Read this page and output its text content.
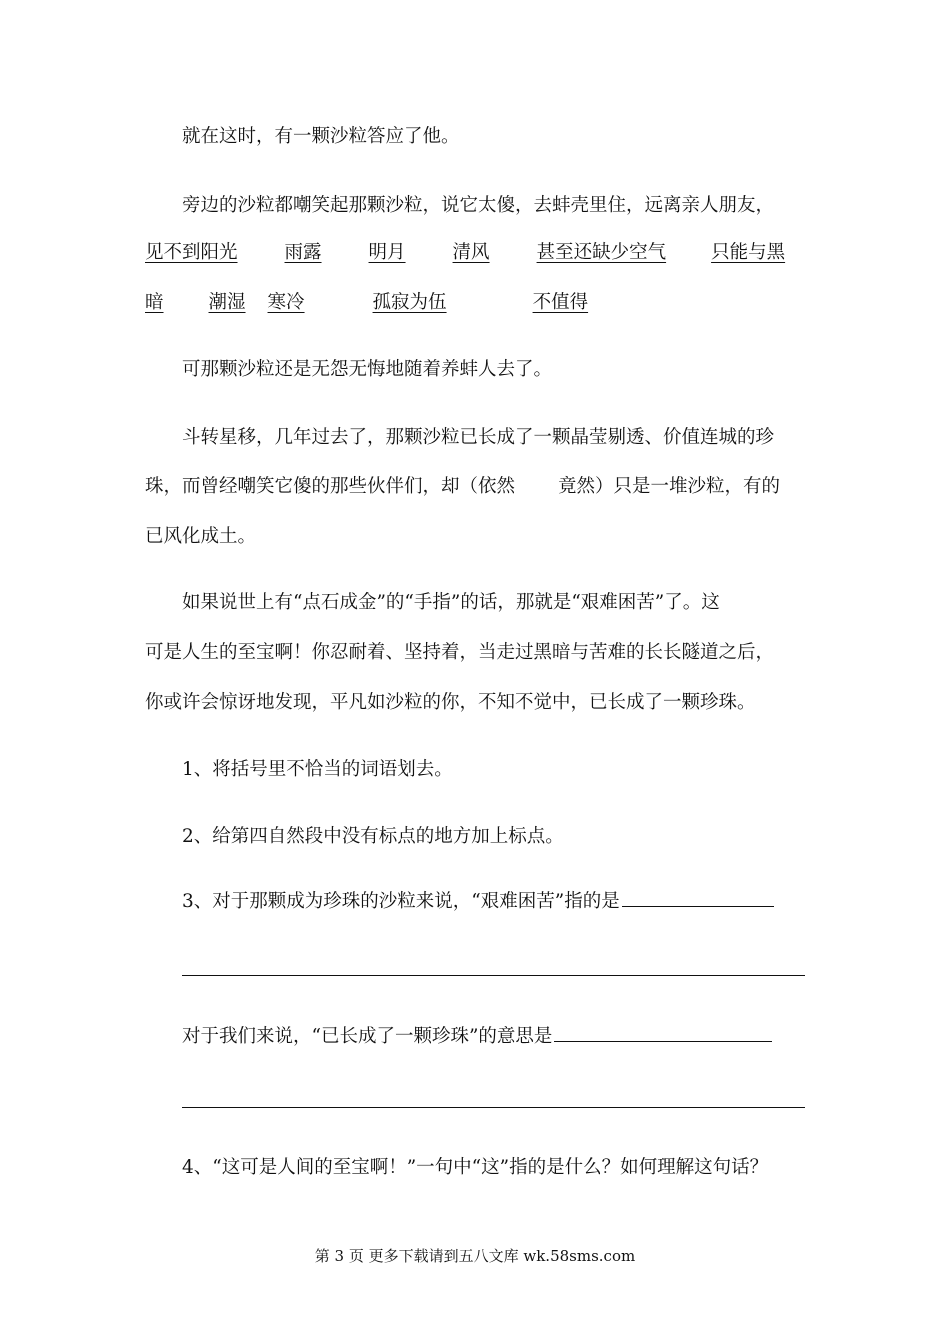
就在这时，有一颗沙粒答应了他。
旁边的沙粒都嘲笑起那颗沙粒，说它太傻，去蚌壳里住，远离亲人朋友，
见不到阳光	雨露	明月	清风	甚至还缺少空气 只能与黑
暗 潮湿 寒冷	孤寂为伍	不值得
可那颗沙粒还是无怨无悔地随着养蚌人去了。
斗转星移，几年过去了，那颗沙粒已长成了一颗晶莹剔透、价值连城的珍
珠，而曾经嘲笑它傻的那些伙伴们，却（依然 竟然）只是一堆沙粒，有的
已风化成土。
如果说世上有“点石成金”的“手指”的话，那就是“艰难困苦”了。这
可是人生的至宝啊！你忍耐着、坚持着，当走过黑暗与苦难的长长隧道之后，
你或许会惊讶地发现，平凡如沙粒的你，不知不觉中，已长成了一颗珍珠。
1、将括号里不恰当的词语划去。
2、给第四自然段中没有标点的地方加上标点。
3、对于那颗成为珍珠的沙粒来说，“艰难困苦”指的是
对于我们来说，“已长成了一颗珍珠”的意思是
4、“这可是人间的至宝啊！”一句中“这”指的是什么？如何理解这句话？
第 3 页 更多下载请到五八文库 wk.58sms.com
